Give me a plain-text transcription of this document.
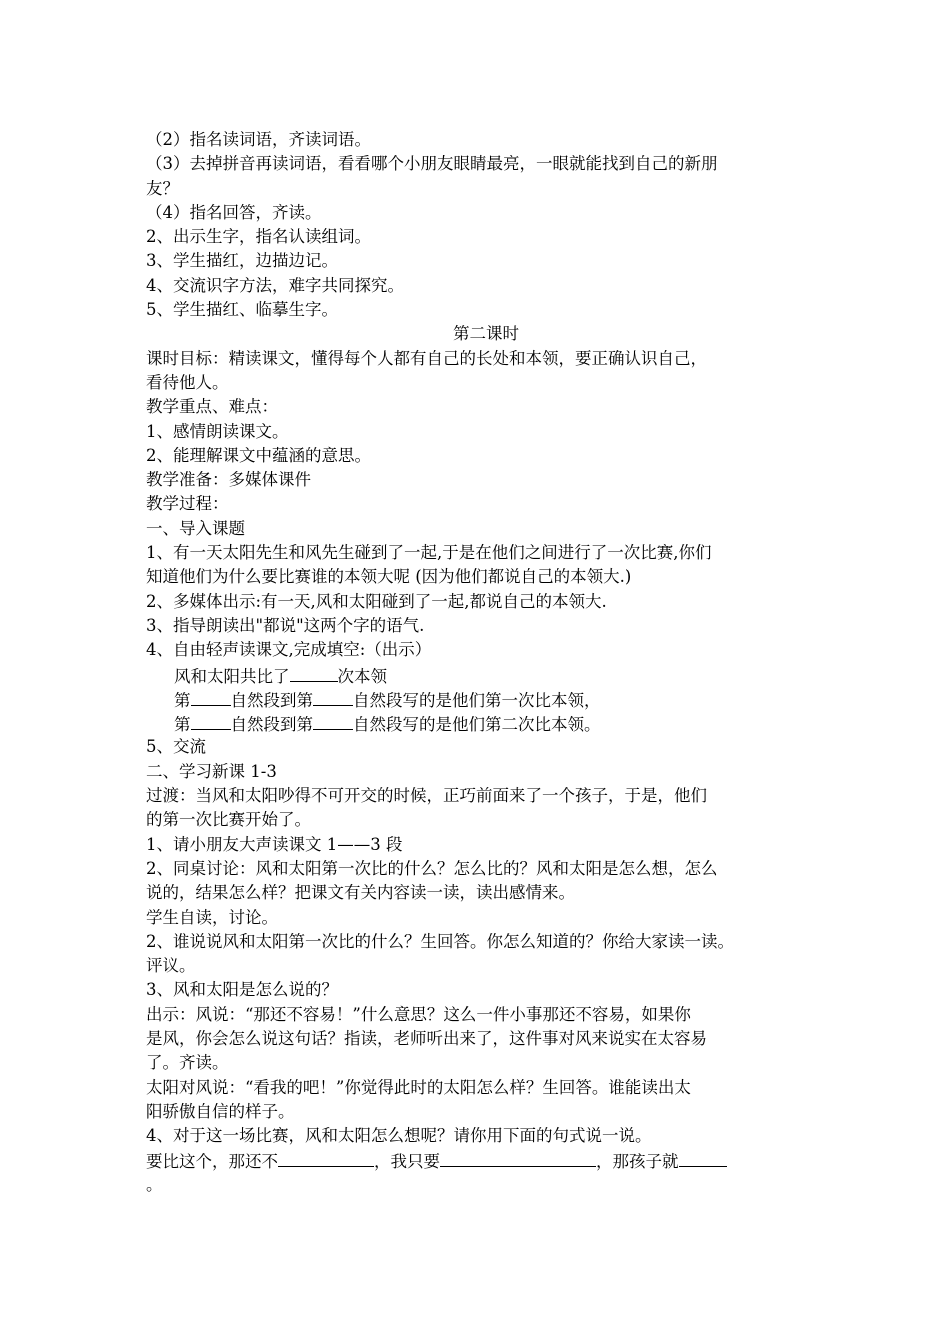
（2）指名读词语，齐读词语。
（3）去掉拼音再读词语，看看哪个小朋友眼睛最亮，一眼就能找到自己的新朋
友？
（4）指名回答，齐读。
2、出示生字，指名认读组词。
3、学生描红，边描边记。
4、交流识字方法，难字共同探究。
5、学生描红、临摹生字。
第二课时
课时目标：精读课文，懂得每个人都有自己的长处和本领，要正确认识自己，
看待他人。
教学重点、难点：
1、感情朗读课文。
2、能理解课文中蕴涵的意思。
教学准备：多媒体课件
教学过程：
一、导入课题
1、有一天太阳先生和风先生碰到了一起,于是在他们之间进行了一次比赛,你们
知道他们为什么要比赛谁的本领大呢 (因为他们都说自己的本领大.)
2、多媒体出示:有一天,风和太阳碰到了一起,都说自己的本领大.
3、指导朗读出"都说"这两个字的语气.
4、自由轻声读课文,完成填空:（出示）
风和太阳共比了	次本领
第 自然段到第 自然段写的是他们第一次比本领，
第 自然段到第 自然段写的是他们第二次比本领。
5、交流
二、学习新课 1-3
过渡：当风和太阳吵得不可开交的时候，正巧前面来了一个孩子，于是，他们
的第一次比赛开始了。
1、请小朋友大声读课文 1——3 段
2、同桌讨论：风和太阳第一次比的什么？怎么比的？风和太阳是怎么想，怎么
说的，结果怎么样？把课文有关内容读一读，读出感情来。
学生自读，讨论。
2、谁说说风和太阳第一次比的什么？生回答。你怎么知道的？你给大家读一读。
评议。
3、风和太阳是怎么说的？
出示：风说：“那还不容易！”什么意思？这么一件小事那还不容易，如果你
是风，你会怎么说这句话？指读，老师听出来了，这件事对风来说实在太容易
了。齐读。
太阳对风说：“看我的吧！”你觉得此时的太阳怎么样？生回答。谁能读出太
阳骄傲自信的样子。
4、对于这一场比赛，风和太阳怎么想呢？请你用下面的句式说一说。
要比这个，那还不	，我只要	，那孩子就
。
